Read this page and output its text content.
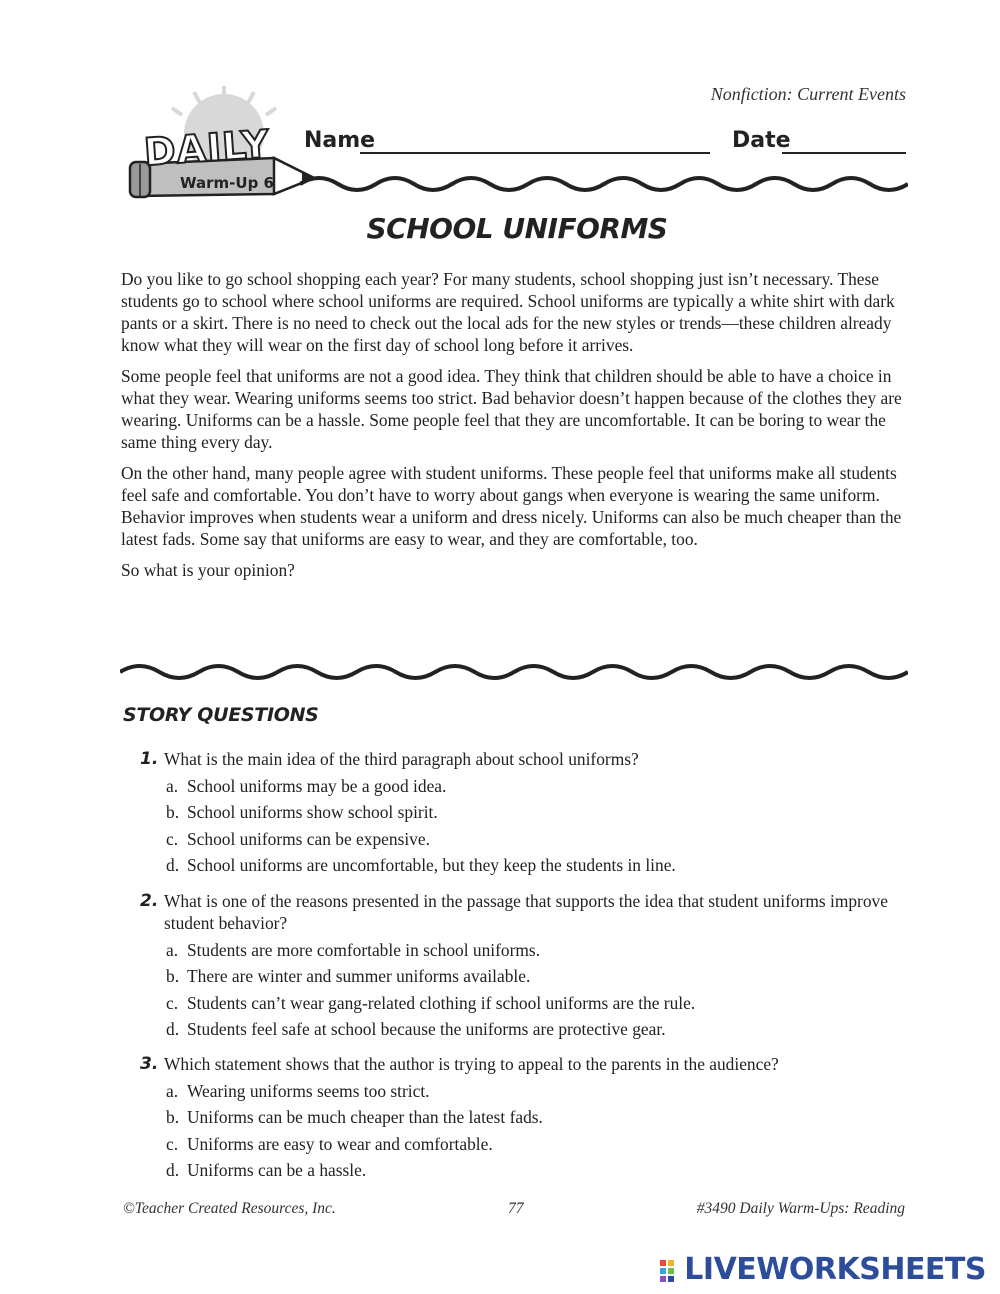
Nonfiction: Current Events
DAILY
Warm-Up 6
Name	Date
SCHOOL UNIFORMS

Do you like to go school shopping each year? For many students, school shopping just isn’t necessary. These students go to school where school uniforms are required. School uniforms are typically a white shirt with dark pants or a skirt. There is no need to check out the local ads for the new styles or trends—these children already know what they will wear on the first day of school long before it arrives.

Some people feel that uniforms are not a good idea. They think that children should be able to have a choice in what they wear. Wearing uniforms seems too strict. Bad behavior doesn’t happen because of the clothes they are wearing. Uniforms can be a hassle. Some people feel that they are uncomfortable. It can be boring to wear the same thing every day.

On the other hand, many people agree with student uniforms. These people feel that uniforms make all students feel safe and comfortable. You don’t have to worry about gangs when everyone is wearing the same uniform. Behavior improves when students wear a uniform and dress nicely. Uniforms can also be much cheaper than the latest fads. Some say that uniforms are easy to wear, and they are comfortable, too.

So what is your opinion?

STORY QUESTIONS
1. What is the main idea of the third paragraph about school uniforms?
a. School uniforms may be a good idea.
b. School uniforms show school spirit.
c. School uniforms can be expensive.
d. School uniforms are uncomfortable, but they keep the students in line.
2. What is one of the reasons presented in the passage that supports the idea that student uniforms improve student behavior?
a. Students are more comfortable in school uniforms.
b. There are winter and summer uniforms available.
c. Students can’t wear gang-related clothing if school uniforms are the rule.
d. Students feel safe at school because the uniforms are protective gear.
3. Which statement shows that the author is trying to appeal to the parents in the audience?
a. Wearing uniforms seems too strict.
b. Uniforms can be much cheaper than the latest fads.
c. Uniforms are easy to wear and comfortable.
d. Uniforms can be a hassle.
©Teacher Created Resources, Inc.	77	#3490 Daily Warm-Ups: Reading
LIVEWORKSHEETS
